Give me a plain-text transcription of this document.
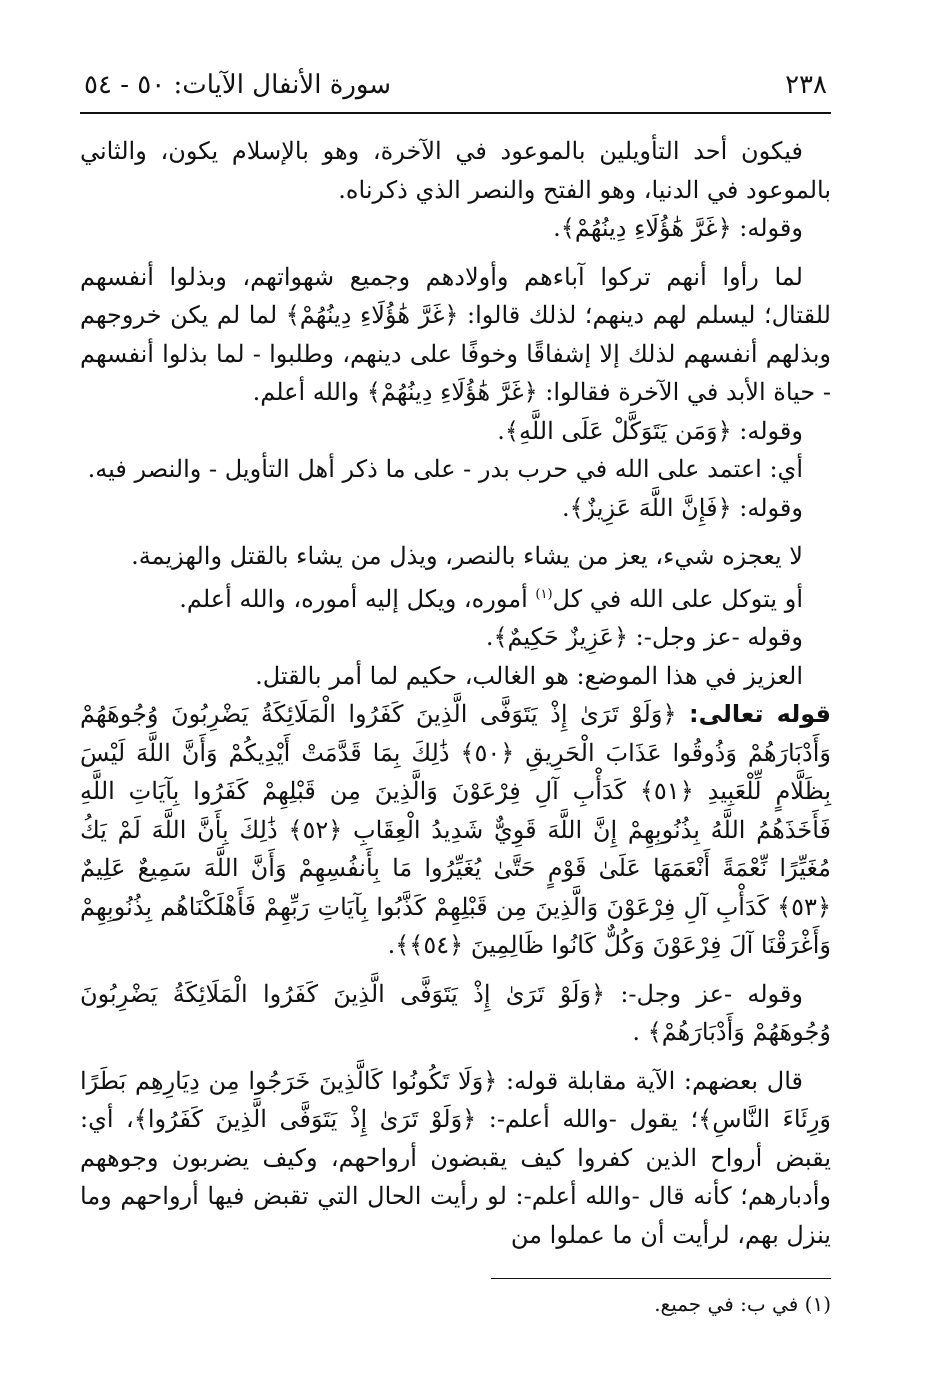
٢٣٨
سورة الأنفال الآيات: ٥٠ - ٥٤

فيكون أحد التأويلين بالموعود في الآخرة، وهو بالإسلام يكون، والثاني بالموعود في الدنيا، وهو الفتح والنصر الذي ذكرناه.

وقوله: ﴿غَرَّ هَٰؤُلَاءِ دِينُهُمْ﴾.

لما رأوا أنهم تركوا آباءهم وأولادهم وجميع شهواتهم، وبذلوا أنفسهم للقتال؛ ليسلم لهم دينهم؛ لذلك قالوا: ﴿غَرَّ هَٰؤُلَاءِ دِينُهُمْ﴾ لما لم يكن خروجهم وبذلهم أنفسهم لذلك إلا إشفاقًا وخوفًا على دينهم، وطلبوا - لما بذلوا أنفسهم - حياة الأبد في الآخرة فقالوا: ﴿غَرَّ هَٰؤُلَاءِ دِينُهُمْ﴾ والله أعلم.

وقوله: ﴿وَمَن يَتَوَكَّلْ عَلَى اللَّهِ﴾.

أي: اعتمد على الله في حرب بدر - على ما ذكر أهل التأويل - والنصر فيه.

وقوله: ﴿فَإِنَّ اللَّهَ عَزِيزٌ﴾.

لا يعجزه شيء، يعز من يشاء بالنصر، ويذل من يشاء بالقتل والهزيمة.

أو يتوكل على الله في كل$^{(١)}$ أموره، ويكل إليه أموره، والله أعلم.

وقوله -عز وجل-: ﴿عَزِيزٌ حَكِيمٌ﴾.

العزيز في هذا الموضع: هو الغالب، حكيم لما أمر بالقتل.

قوله تعالى: ﴿وَلَوْ تَرَىٰ إِذْ يَتَوَفَّى الَّذِينَ كَفَرُوا الْمَلَائِكَةُ يَضْرِبُونَ وُجُوهَهُمْ وَأَدْبَارَهُمْ وَذُوقُوا عَذَابَ الْحَرِيقِ ﴿٥٠﴾ ذَٰلِكَ بِمَا قَدَّمَتْ أَيْدِيكُمْ وَأَنَّ اللَّهَ لَيْسَ بِظَلَّامٍ لِّلْعَبِيدِ ﴿٥١﴾ كَدَأْبِ آلِ فِرْعَوْنَ وَالَّذِينَ مِن قَبْلِهِمْ كَفَرُوا بِآيَاتِ اللَّهِ فَأَخَذَهُمُ اللَّهُ بِذُنُوبِهِمْ إِنَّ اللَّهَ قَوِيٌّ شَدِيدُ الْعِقَابِ ﴿٥٢﴾ ذَٰلِكَ بِأَنَّ اللَّهَ لَمْ يَكُ مُغَيِّرًا نِّعْمَةً أَنْعَمَهَا عَلَىٰ قَوْمٍ حَتَّىٰ يُغَيِّرُوا مَا بِأَنفُسِهِمْ وَأَنَّ اللَّهَ سَمِيعٌ عَلِيمٌ ﴿٥٣﴾ كَدَأْبِ آلِ فِرْعَوْنَ وَالَّذِينَ مِن قَبْلِهِمْ كَذَّبُوا بِآيَاتِ رَبِّهِمْ فَأَهْلَكْنَاهُم بِذُنُوبِهِمْ وَأَغْرَقْنَا آلَ فِرْعَوْنَ وَكُلٌّ كَانُوا ظَالِمِينَ ﴿٥٤﴾﴾.

وقوله -عز وجل-: ﴿وَلَوْ تَرَىٰ إِذْ يَتَوَفَّى الَّذِينَ كَفَرُوا الْمَلَائِكَةُ يَضْرِبُونَ وُجُوهَهُمْ وَأَدْبَارَهُمْ﴾ .

قال بعضهم: الآية مقابلة قوله: ﴿وَلَا تَكُونُوا كَالَّذِينَ خَرَجُوا مِن دِيَارِهِم بَطَرًا وَرِئَاءَ النَّاسِ﴾؛ يقول -والله أعلم-: ﴿وَلَوْ تَرَىٰ إِذْ يَتَوَفَّى الَّذِينَ كَفَرُوا﴾، أي: يقبض أرواح الذين كفروا كيف يقبضون أرواحهم، وكيف يضربون وجوههم وأدبارهم؛ كأنه قال -والله أعلم-: لو رأيت الحال التي تقبض فيها أرواحهم وما ينزل بهم، لرأيت أن ما عملوا من

(١) في ب: في جميع.
